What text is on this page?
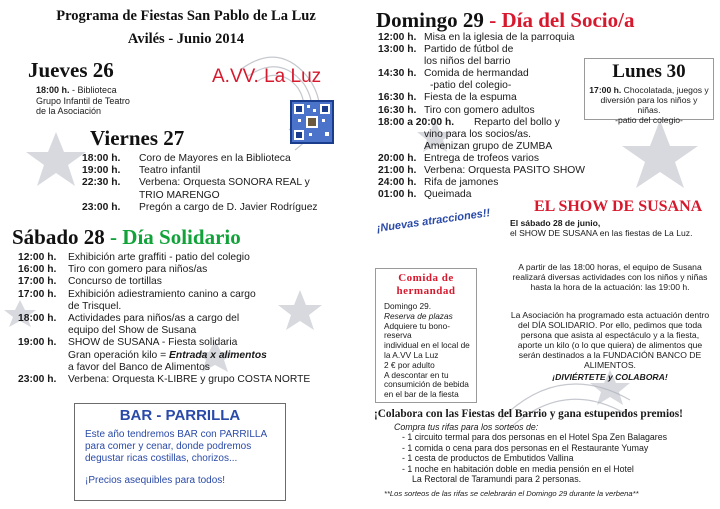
Programa de Fiestas San Pablo de La Luz
Avilés - Junio 2014
Jueves 26
18:00 h. - Biblioteca
Grupo Infantil de Teatro
de la Asociación
A.VV. La Luz
Viernes 27
18:00 h.	Coro de Mayores en la Biblioteca
19:00 h.	Teatro infantil
22:30 h.	Verbena: Orquesta SONORA REAL y
TRIO MARENGO
23:00 h.	Pregón a cargo de D. Javier Rodríguez
Sábado 28 - Día Solidario
12:00 h.	Exhibición arte graffiti - patio del colegio
16:00 h.	Tiro con gomero para niños/as
17:00 h.	Concurso de tortillas
17:00 h.	Exhibición adiestramiento canino a cargo
de Trisquel.
18:00 h.	Actividades para niños/as a cargo del
equipo del Show de Susana
19:00 h.	SHOW de SUSANA - Fiesta solidaria
Gran operación kilo = Entrada x alimentos
a favor del Banco de Alimentos
23:00 h.	Verbena: Orquesta K-LIBRE y grupo COSTA NORTE
BAR - PARRILLA
Este año tendremos BAR con PARRILLA para comer y cenar, donde podremos degustar ricas costillas, chorizos...
¡Precios asequibles para todos!
Domingo 29 - Día del Socio/a
12:00 h. Misa en la iglesia de la parroquia
13:00 h. Partido de fútbol de
los niños del barrio
14:30 h. Comida de hermandad
-patio del colegio-
16:30 h. Fiesta de la espuma
16:30 h. Tiro con gomero adultos
18:00 a 20:00 h.	Reparto del bollo y
vino para los socios/as.
Amenizan grupo de ZUMBA
20:00 h. Entrega de trofeos varios
21:00 h. Verbena: Orquesta PASITO SHOW
24:00 h. Rifa de jamones
01:00 h. Queimada
Lunes 30
17:00 h. Chocolatada, juegos y diversión para los niños y niñas.
-patio del colegio-
EL SHOW DE SUSANA
¡Nuevas atracciones!! El sábado 28 de junio,
el SHOW DE SUSANA en las fiestas de La Luz.
A partir de las 18:00 horas, el equipo de Susana realizará diversas actividades con los niños y niñas hasta la hora de la actuación: las 19:00 h.
La Asociación ha programado esta actuación dentro del DÍA SOLIDARIO. Por ello, pedimos que toda persona que asista al espectáculo y a la fiesta, aporte un kilo (o lo que quiera) de alimentos que serán destinados a la FUNDACIÓN BANCO DE ALIMENTOS.
¡DIVIÉRTETE y COLABORA!
Comida de hermandad
Domingo 29.
Reserva de plazas
Adquiere tu bono-reserva
individual en el local de
la A.VV La Luz
2 € por adulto
A descontar en tu
consumición de bebida
en el bar de la fiesta
¡Colabora con las Fiestas del Barrio y gana estupendos premios!
Compra tus rifas para los sorteos de:
- 1 circuito termal para dos personas en el Hotel Spa Zen Balagares
- 1 comida o cena para dos personas en el Restaurante Yumay
- 1 cesta de productos de Embutidos Vallina
- 1 noche en habitación doble en media pensión en el Hotel
La Rectoral de Taramundi para 2 personas.
**Los sorteos de las rifas se celebrarán el Domingo 29 durante la verbena**
